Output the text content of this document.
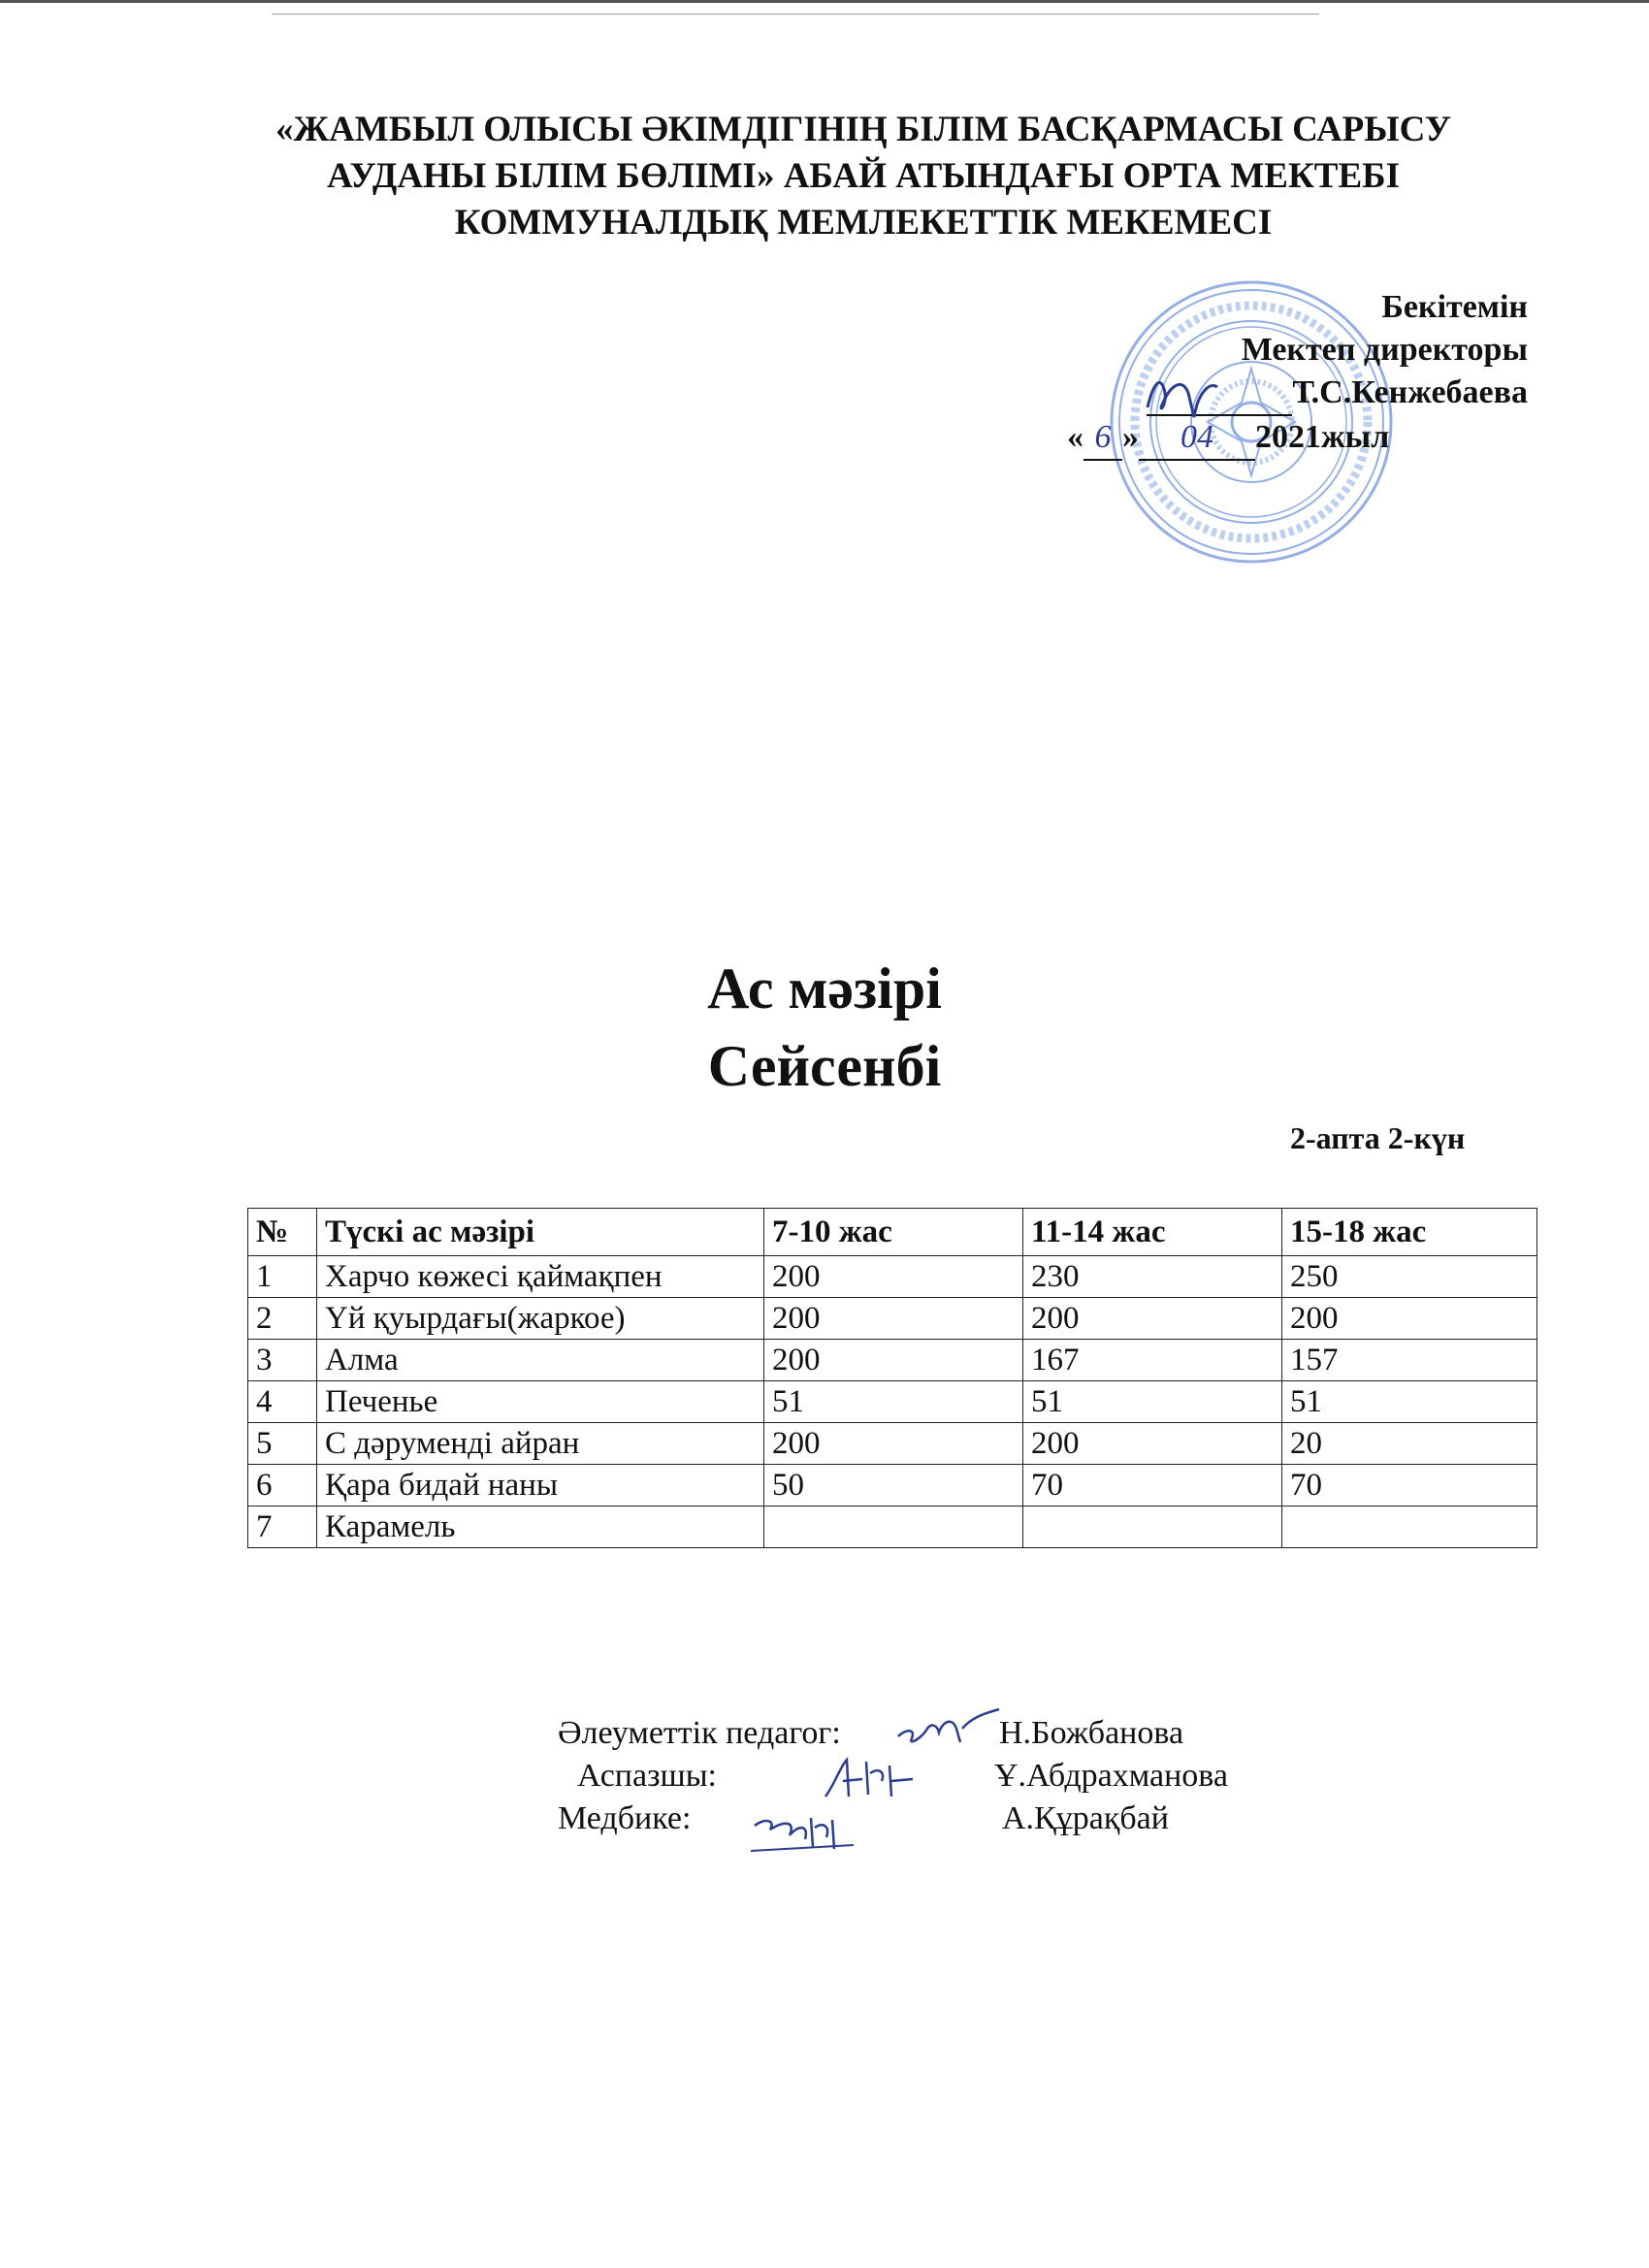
«ЖАМБЫЛ ОЛЫСЫ ӘКІМДІГІНІҢ БІЛІМ БАСҚАРМАСЫ САРЫСУ
АУДАНЫ БІЛІМ БӨЛІМІ» АБАЙ АТЫНДАҒЫ ОРТА МЕКТЕБІ
КОММУНАЛДЫҚ МЕМЛЕКЕТТІК МЕКЕМЕСІ
Бекітемін
Мектеп директоры
Т.С.Кенжебаева
« 6 » 04 2021жыл
Ас мәзірі
Сейсенбі
2-апта 2-күн
№	Түскі ас мәзірі	7-10 жас	11-14 жас	15-18 жас
1	Харчо көжесі қаймақпен	200	230	250
2	Үй қуырдағы(жаркое)	200	200	200
3	Алма	200	167	157
4	Печенье	51	51	51
5	С дәруменді айран	200	200	20
6	Қара бидай наны	50	70	70
7	Карамель			
Әлеуметтік педагог:	Н.Божбанова
Аспазшы:	Ұ.Абдрахманова
Медбике:	А.Құрақбай
